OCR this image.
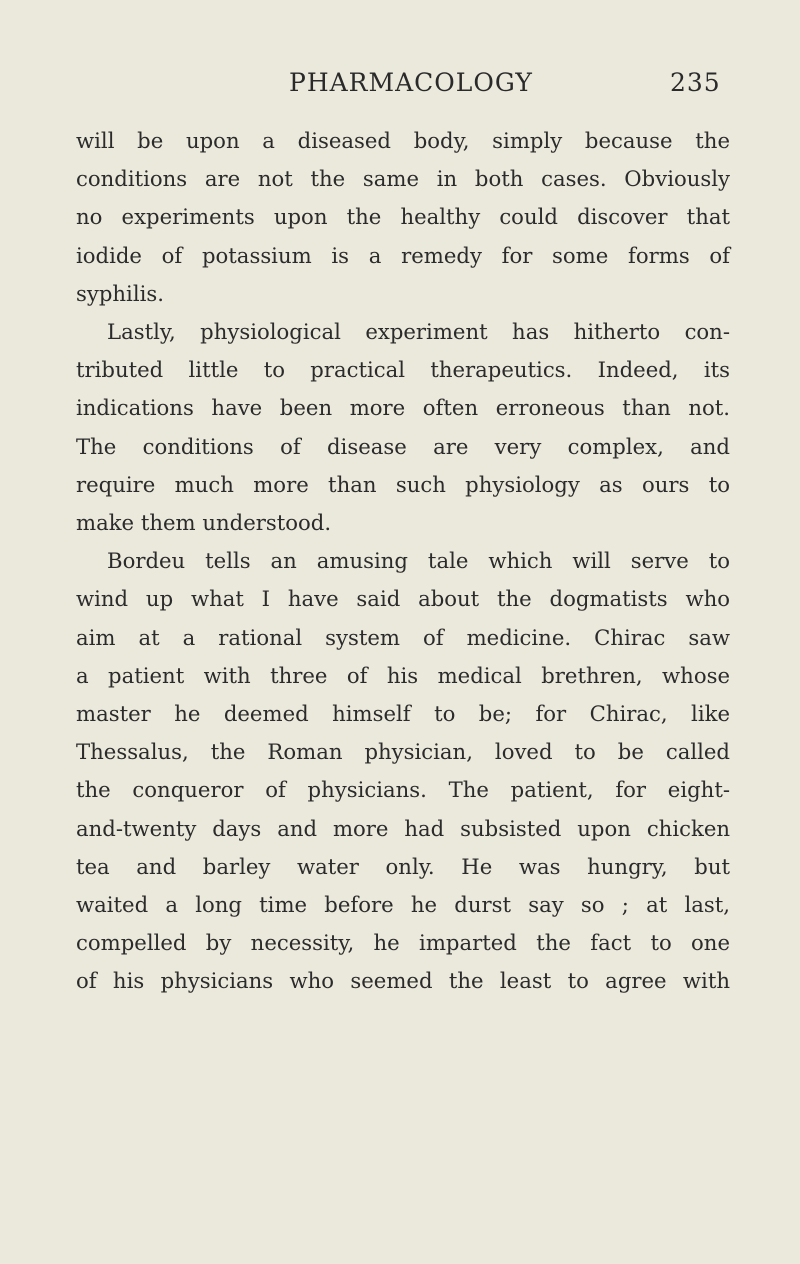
PHARMACOLOGY	235
will be upon a diseased body, simply because the
conditions are not the same in both cases. Obviously
no experiments upon the healthy could discover that
iodide of potassium is a remedy for some forms of
syphilis.
Lastly, physiological experiment has hitherto con-
tributed little to practical therapeutics. Indeed, its
indications have been more often erroneous than not.
The conditions of disease are very complex, and
require much more than such physiology as ours to
make them understood.
Bordeu tells an amusing tale which will serve to
wind up what I have said about the dogmatists who
aim at a rational system of medicine. Chirac saw
a patient with three of his medical brethren, whose
master he deemed himself to be; for Chirac, like
Thessalus, the Roman physician, loved to be called
the conqueror of physicians. The patient, for eight-
and-twenty days and more had subsisted upon chicken
tea and barley water only. He was hungry, but
waited a long time before he durst say so ; at last,
compelled by necessity, he imparted the fact to one
of his physicians who seemed the least to agree with
